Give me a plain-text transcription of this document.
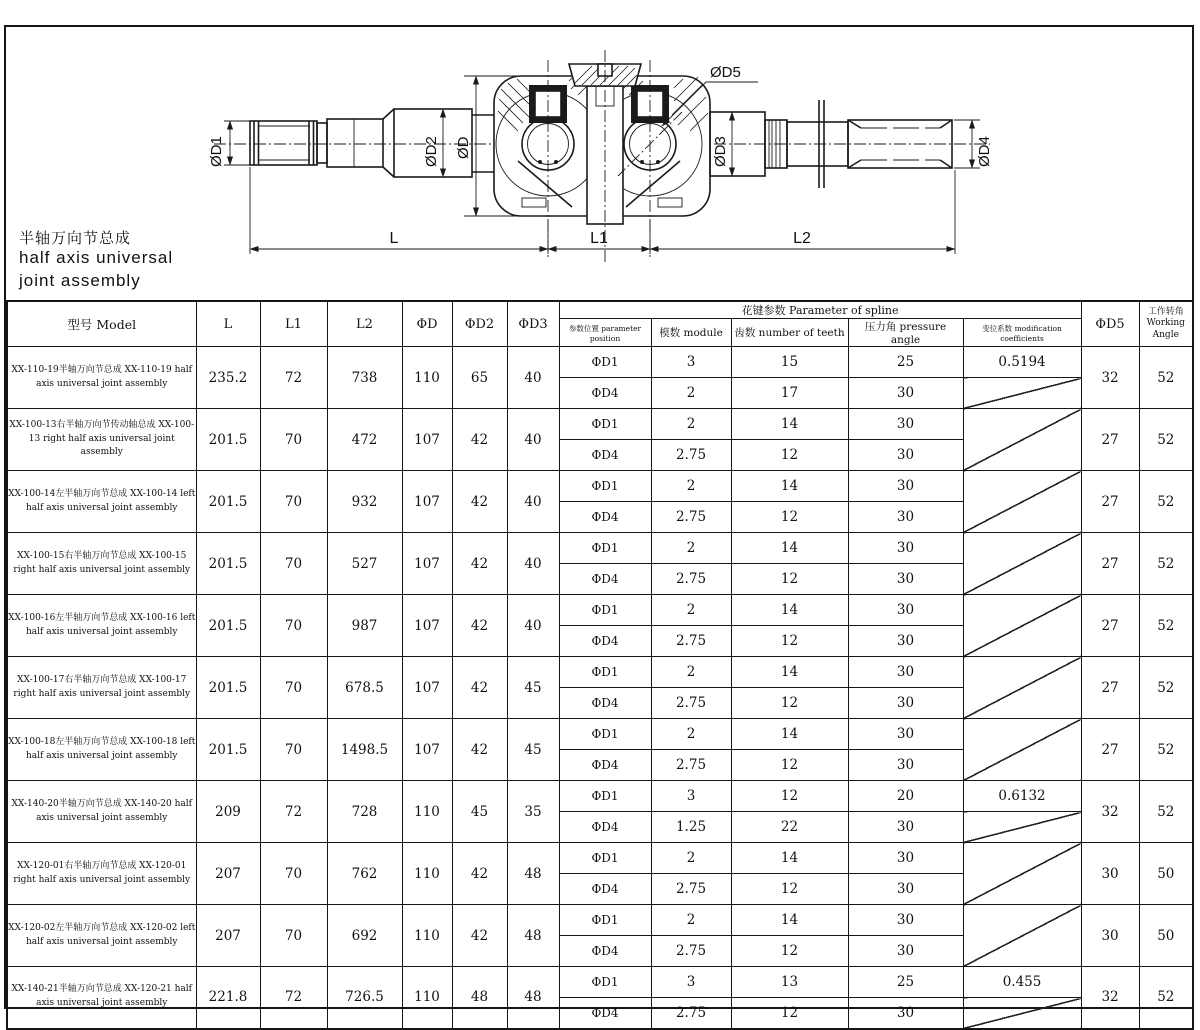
ØD1	ØD2 ØD
ØD5
ØD3	ØD4
L	L1	L2
半轴万向节总成
half axis universal
joint assembly
型号 Model	L	L1	L2	ΦD	ΦD2	ΦD3	花键参数 Parameter of spline					ΦD5	工作转角
Working Angle

							参数位置 parameter position	模数 module	齿数 number of teeth	压力角 pressure angle	变位系数 modification coefficients		
XX-110-19半轴万向节总成 XX-110-19 half axis universal joint assembly	235.2	72	738	110	65	40	ΦD1	3	15	25	0.5194	32	52
							ΦD4	2	17	30			
XX-100-13右半轴万向节传动轴总成 XX-100-13 right half axis universal joint assembly	201.5	70	472	107	42	40	ΦD1	2	14	30		27	52
							ΦD4	2.75	12	30			
XX-100-14左半轴万向节总成 XX-100-14 left half axis universal joint assembly	201.5	70	932	107	42	40	ΦD1	2	14	30		27	52
							ΦD4	2.75	12	30			
XX-100-15右半轴万向节总成 XX-100-15 right half axis universal joint assembly	201.5	70	527	107	42	40	ΦD1	2	14	30		27	52
							ΦD4	2.75	12	30			
XX-100-16左半轴万向节总成 XX-100-16 left half axis universal joint assembly	201.5	70	987	107	42	40	ΦD1	2	14	30		27	52
							ΦD4	2.75	12	30			
XX-100-17右半轴万向节总成 XX-100-17 right half axis universal joint assembly	201.5	70	678.5	107	42	45	ΦD1	2	14	30		27	52
							ΦD4	2.75	12	30			
XX-100-18左半轴万向节总成 XX-100-18 left half axis universal joint assembly	201.5	70	1498.5	107	42	45	ΦD1	2	14	30		27	52
							ΦD4	2.75	12	30			
XX-140-20半轴万向节总成 XX-140-20 half axis universal joint assembly	209	72	728	110	45	35	ΦD1	3	12	20	0.6132	32	52
							ΦD4	1.25	22	30			
XX-120-01右半轴万向节总成 XX-120-01 right half axis universal joint assembly	207	70	762	110	42	48	ΦD1	2	14	30		30	50
							ΦD4	2.75	12	30			
XX-120-02左半轴万向节总成 XX-120-02 left half axis universal joint assembly	207	70	692	110	42	48	ΦD1	2	14	30		30	50
							ΦD4	2.75	12	30			
XX-140-21半轴万向节总成 XX-120-21 half axis universal joint assembly	221.8	72	726.5	110	48	48	ΦD1	3	13	25	0.455	32	52
							ΦD4	2.75	12	30			
